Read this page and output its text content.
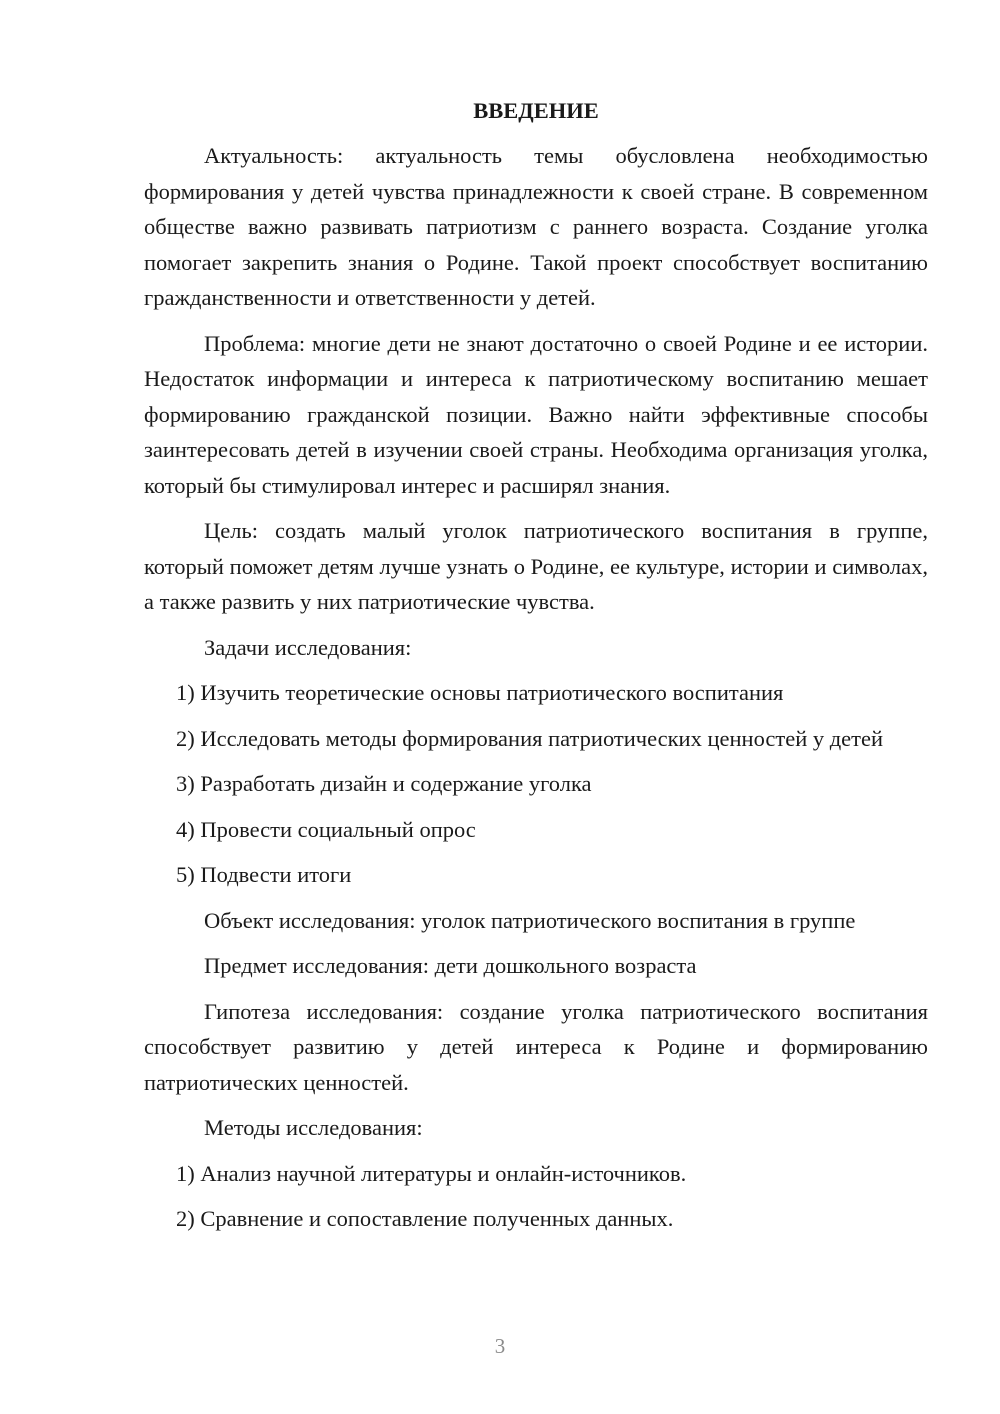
ВВЕДЕНИЕ
Актуальность: актуальность темы обусловлена необходимостью формирования у детей чувства принадлежности к своей стране. В современном обществе важно развивать патриотизм с раннего возраста. Создание уголка помогает закрепить знания о Родине. Такой проект способствует воспитанию гражданственности и ответственности у детей.
Проблема: многие дети не знают достаточно о своей Родине и ее истории. Недостаток информации и интереса к патриотическому воспитанию мешает формированию гражданской позиции. Важно найти эффективные способы заинтересовать детей в изучении своей страны. Необходима организация уголка, который бы стимулировал интерес и расширял знания.
Цель: создать малый уголок патриотического воспитания в группе, который поможет детям лучше узнать о Родине, ее культуре, истории и символах, а также развить у них патриотические чувства.
Задачи исследования:
1) Изучить теоретические основы патриотического воспитания
2) Исследовать методы формирования патриотических ценностей у детей
3) Разработать дизайн и содержание уголка
4) Провести социальный опрос
5) Подвести итоги
Объект исследования: уголок патриотического воспитания в группе
Предмет исследования: дети дошкольного возраста
Гипотеза исследования: создание уголка патриотического воспитания способствует развитию у детей интереса к Родине и формированию патриотических ценностей.
Методы исследования:
1) Анализ научной литературы и онлайн-источников.
2) Сравнение и сопоставление полученных данных.
3
